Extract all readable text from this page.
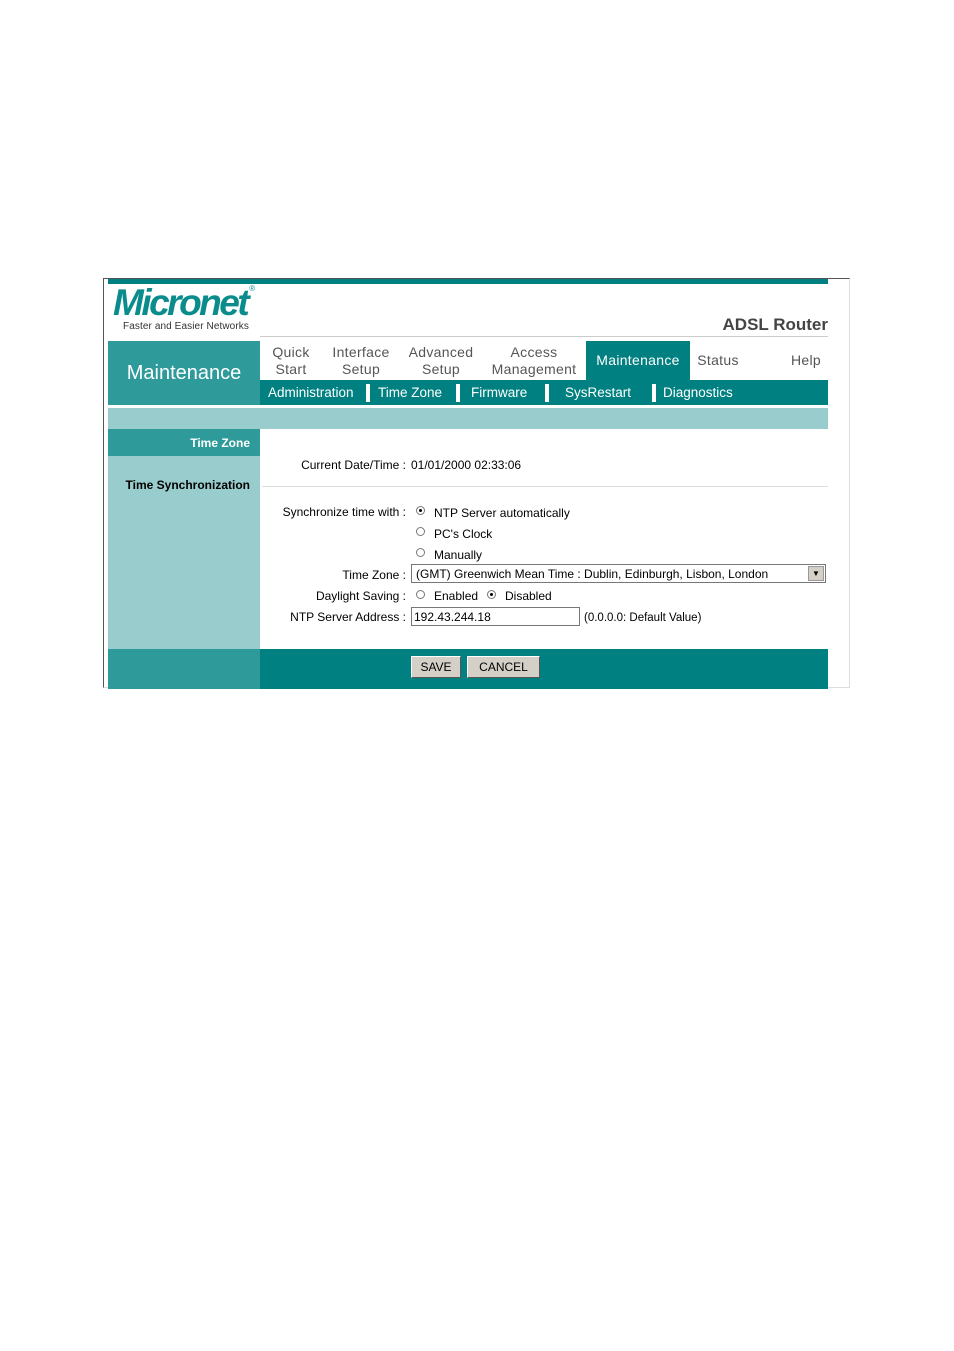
Micronet ®
Faster and Easier Networks	ADSL Router
Maintenance
Quick
Start
Interface
Setup
Advanced
Setup
Access
Management
Maintenance Status	Help
Administration Time Zone Firmware	SysRestart Diagnostics
Time Zone
Time Synchronization
Current Date/Time : 01/01/2000 02:33:06
Synchronize time with : NTP Server automatically
PC's Clock
Manually
Time Zone : (GMT) Greenwich Mean Time : Dublin, Edinburgh, Lisbon, London	▼
Daylight Saving : Enabled Disabled
NTP Server Address :
192.43.244.18	(0.0.0.0: Default Value)
SAVE	CANCEL
